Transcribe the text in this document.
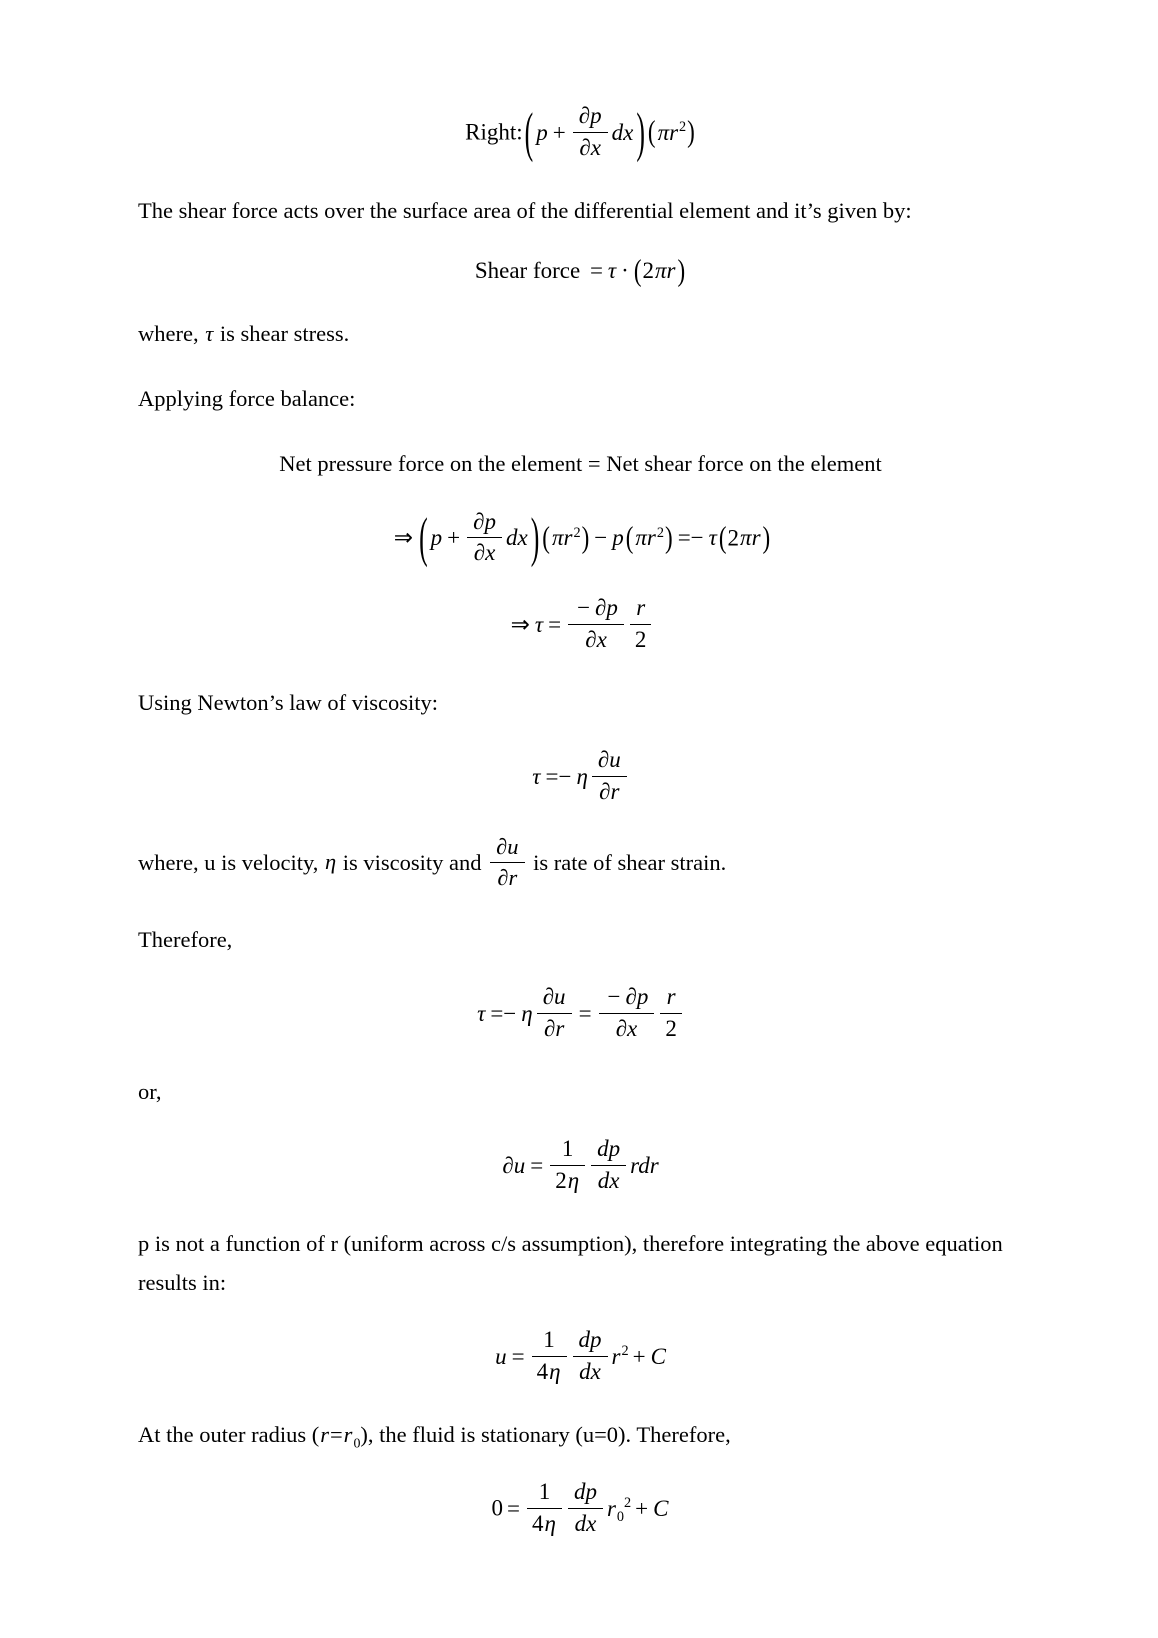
Right:( $p + \frac{\partial p}{\partial x}$ dx ) $(\pi r^2)$

The shear force acts over the surface area of the differential element and it’s given by:

Shear force = τ · (2πr)

where, τ is shear stress.

Applying force balance:

Net pressure force on the element = Net shear force on the element

⇒ ( $p + \frac{\partial p}{\partial x}$ dx ) $(\pi r^2) - p(\pi r^2) =- \tau(2\pi r)$
⇒ $\tau = \frac{- \partial p}{\partial x} \frac{r}{2}$

Using Newton’s law of viscosity:

τ =− η $\frac{\partial u}{\partial r}$

where, u is velocity, η is viscosity and $\frac{\partial u}{\partial r}$ is rate of shear strain.

Therefore,

τ =− η $\frac{\partial u}{\partial r} = \frac{- \partial p}{\partial x} \frac{r}{2}$

or,

$\partial u = \frac{1}{2\eta} \frac{dp}{dx}$ rdr

p is not a function of r (uniform across c/s assumption), therefore integrating the above equation results in:

$u = \frac{1}{4\eta} \frac{dp}{dx} r^2 + C$

At the outer radius $(r=r_0)$, the fluid is stationary (u=0). Therefore,

$0 = \frac{1}{4\eta} \frac{dp}{dx} r_0^2 + C$
